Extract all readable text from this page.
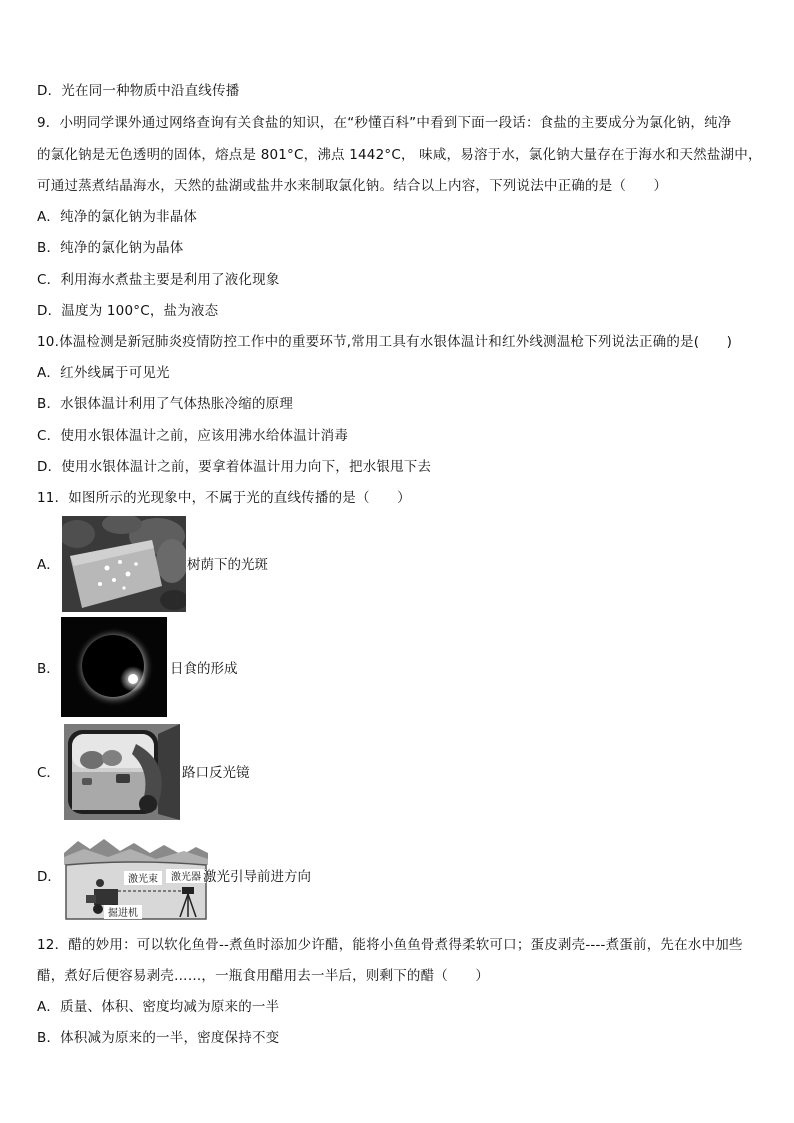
D．光在同一种物质中沿直线传播
9．小明同学课外通过网络查询有关食盐的知识，在“秒懂百科”中看到下面一段话：食盐的主要成分为氯化钠，纯净
的氯化钠是无色透明的固体，熔点是 801°C，沸点 1442°C， 味咸，易溶于水，氯化钠大量存在于海水和天然盐湖中，
可通过蒸煮结晶海水，天然的盐湖或盐井水来制取氯化钠。结合以上内容，下列说法中正确的是（　　）
A．纯净的氯化钠为非晶体
B．纯净的氯化钠为晶体
C．利用海水煮盐主要是利用了液化现象
D．温度为 100°C，盐为液态
10.体温检测是新冠肺炎疫情防控工作中的重要环节,常用工具有水银体温计和红外线测温枪下列说法正确的是(　　)
A．红外线属于可见光
B．水银体温计利用了气体热胀冷缩的原理
C．使用水银体温计之前，应该用沸水给体温计消毒
D．使用水银体温计之前，要拿着体温计用力向下，把水银甩下去
11．如图所示的光现象中，不属于光的直线传播的是（　　）
A．	树荫下的光斑
B．	日食的形成
C．	路口反光镜
D．	激光束 激光器
掘进机
激光引导前进方向
12．醋的妙用：可以软化鱼骨--煮鱼时添加少许醋，能将小鱼鱼骨煮得柔软可口；蛋皮剥壳----煮蛋前，先在水中加些
醋，煮好后便容易剥壳……，一瓶食用醋用去一半后，则剩下的醋（　　）
A．质量、体积、密度均减为原来的一半
B．体积减为原来的一半，密度保持不变
